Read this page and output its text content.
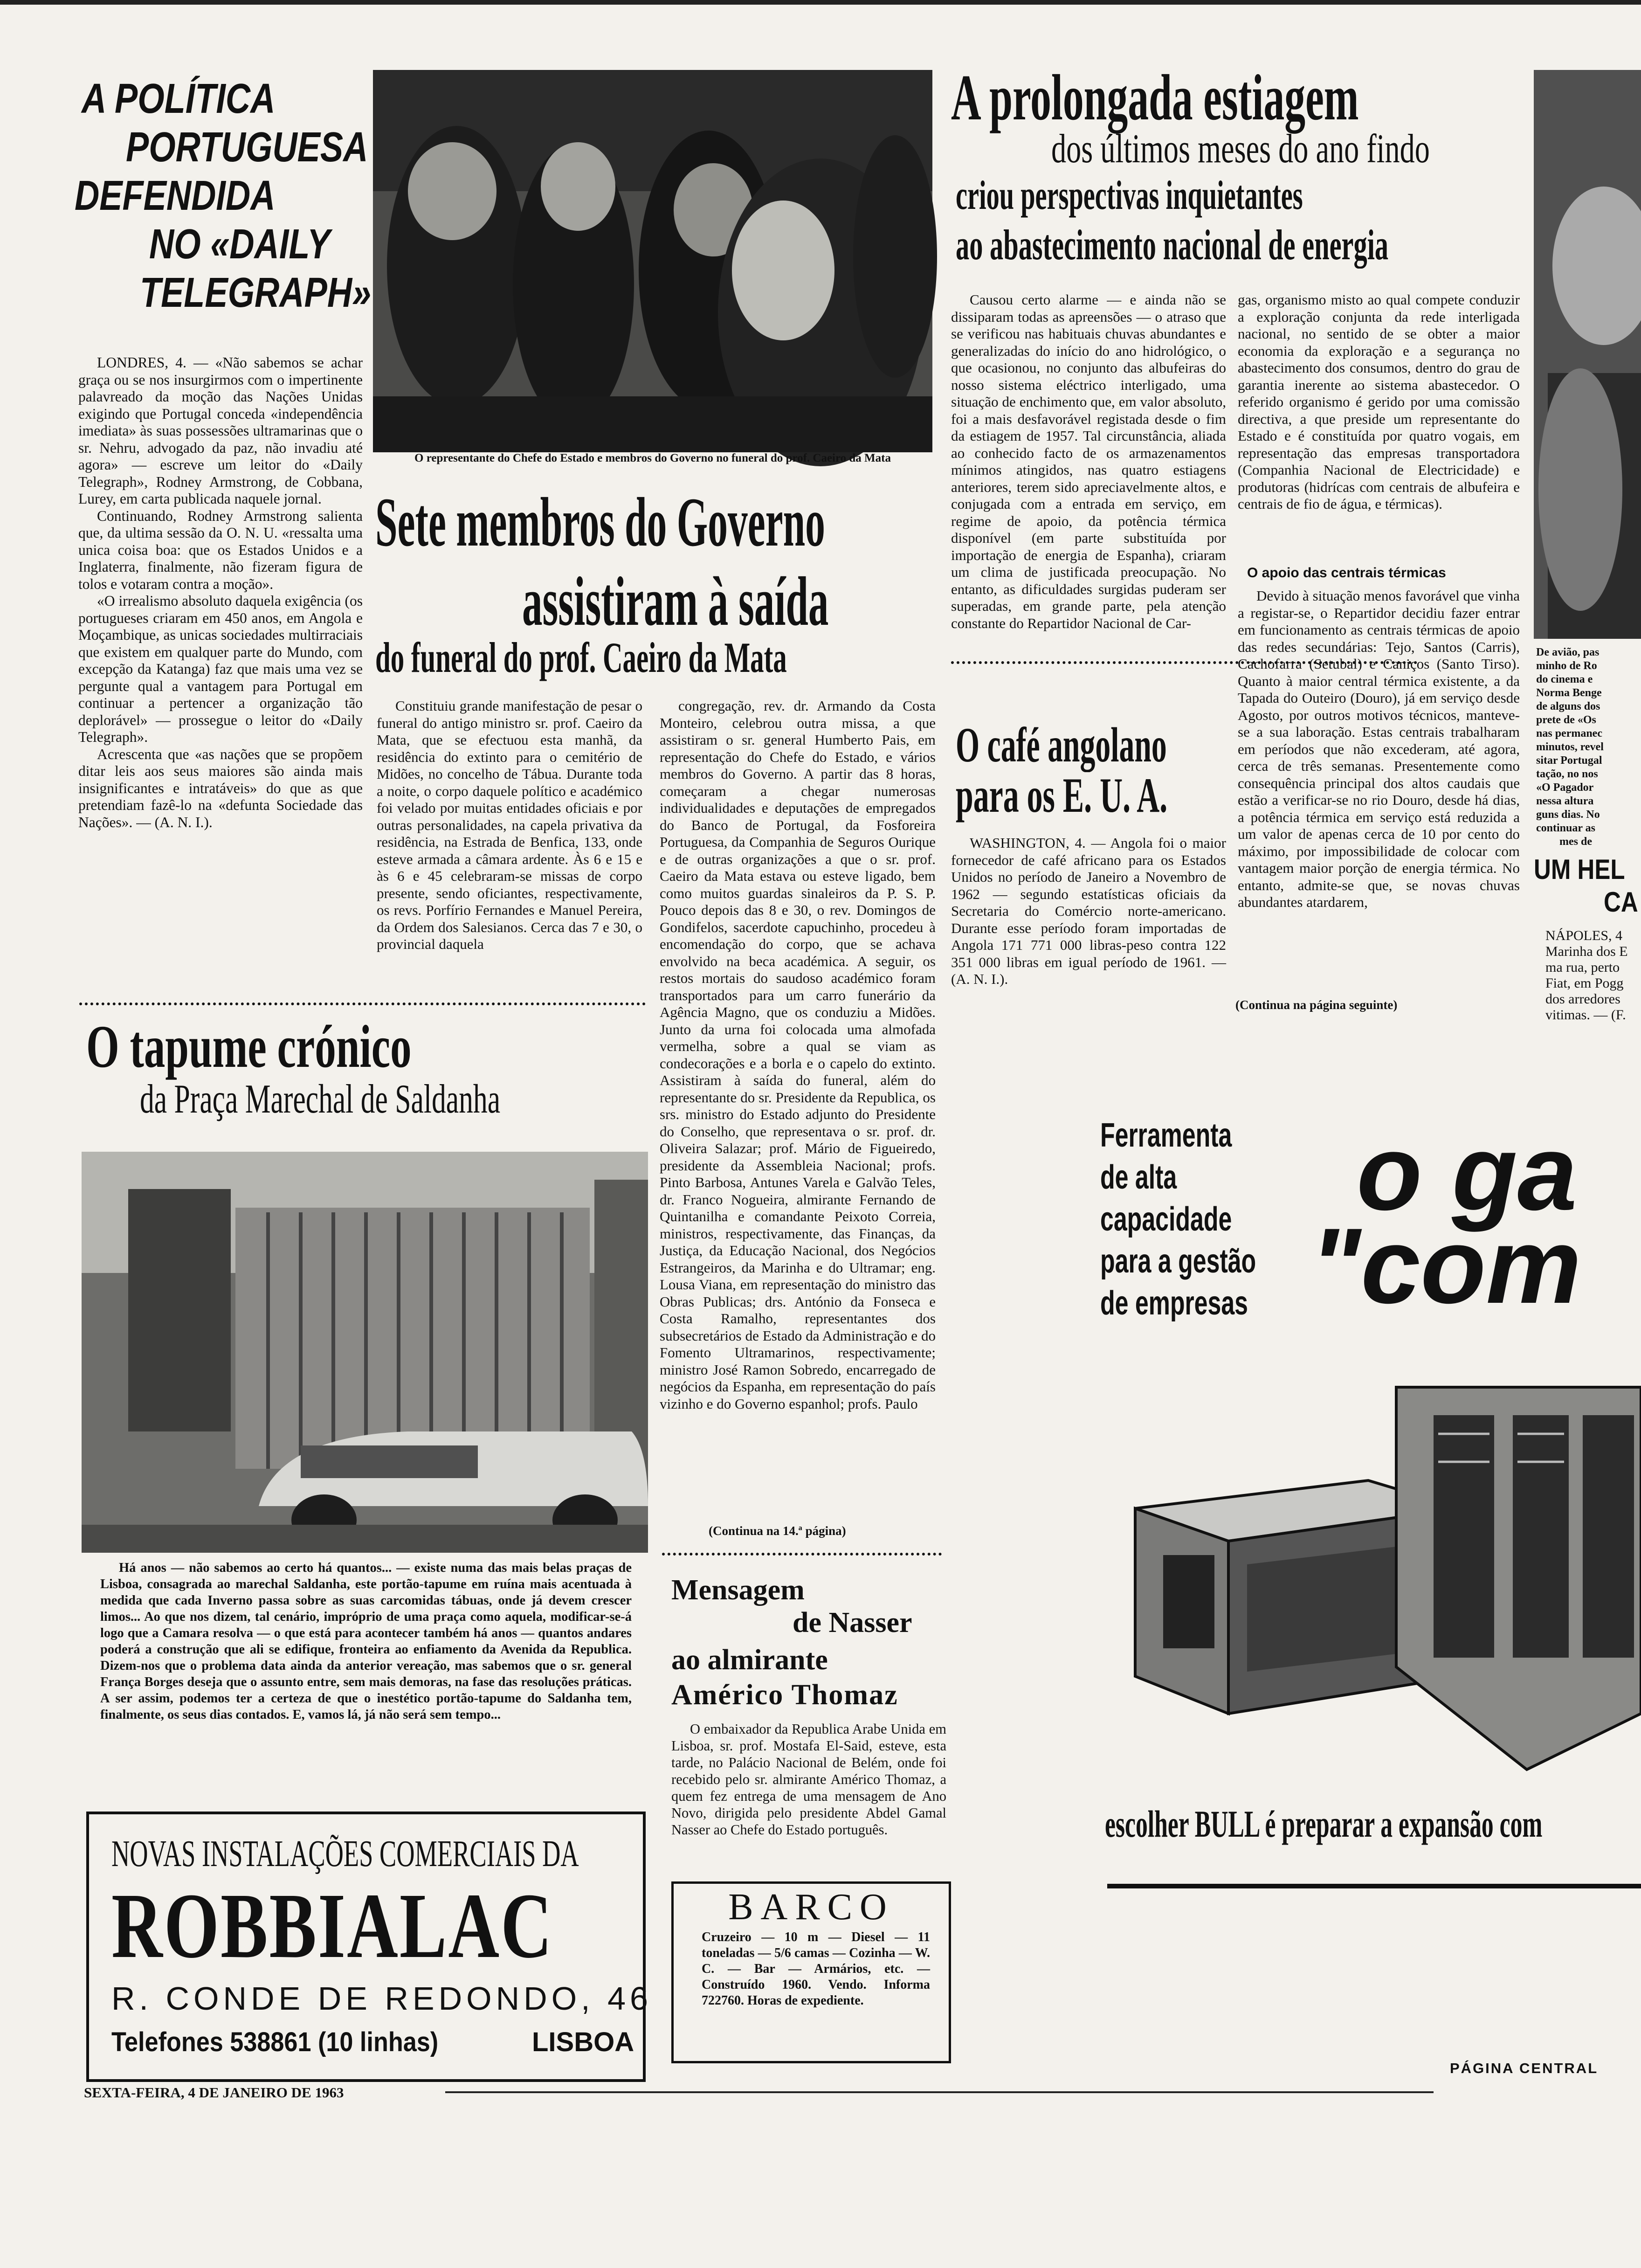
A POLÍTICA
PORTUGUESA
DEFENDIDA
NO «DAILY
TELEGRAPH»

LONDRES, 4. — «Não sabemos se achar graça ou se nos insurgirmos com o impertinente palavreado da moção das Nações Unidas exigindo que Portugal conceda «independência imediata» às suas possessões ultramarinas que o sr. Nehru, advogado da paz, não invadiu até agora» — escreve um leitor do «Daily Telegraph», Rodney Armstrong, de Cobbana, Lurey, em carta publicada naquele jornal.

Continuando, Rodney Armstrong salienta que, da ultima sessão da O. N. U. «ressalta uma unica coisa boa: que os Estados Unidos e a Inglaterra, finalmente, não fizeram figura de tolos e votaram contra a moção».

«O irrealismo absoluto daquela exigência (os portugueses criaram em 450 anos, em Angola e Moçambique, as unicas sociedades multirraciais que existem em qualquer parte do Mundo, com excepção da Katanga) faz que mais uma vez se pergunte qual a vantagem para Portugal em continuar a pertencer a organização tão deplorável» — prossegue o leitor do «Daily Telegraph».

Acrescenta que «as nações que se propõem ditar leis aos seus maiores são ainda mais insignificantes e intratáveis» do que as que pretendiam fazê-lo na «defunta Sociedade das Nações». — (A. N. I.).

O representante do Chefe do Estado e membros do Governo no funeral do prof. Caeiro da Mata
Sete membros do Governo
assistiram à saída
do funeral do prof. Caeiro da Mata
Constituiu grande manifestação de pesar o funeral do antigo ministro sr. prof. Caeiro da Mata, que se efectuou esta manhã, da residência do extinto para o cemitério de Midões, no concelho de Tábua. Durante toda a noite, o corpo daquele político e académico foi velado por muitas entidades oficiais e por outras personalidades, na capela privativa da residência, na Estrada de Benfica, 133, onde esteve armada a câmara ardente. Às 6 e 15 e às 6 e 45 celebraram-se missas de corpo presente, sendo oficiantes, respectivamente, os revs. Porfírio Fernandes e Manuel Pereira, da Ordem dos Salesianos. Cerca das 7 e 30, o provincial daquela
congregação, rev. dr. Armando da Costa Monteiro, celebrou outra missa, a que assistiram o sr. general Humberto Pais, em representação do Chefe do Estado, e vários membros do Governo. A partir das 8 horas, começaram a chegar numerosas individualidades e deputações de empregados do Banco de Portugal, da Fosforeira Portuguesa, da Companhia de Seguros Ourique e de outras organizações a que o sr. prof. Caeiro da Mata estava ou esteve ligado, bem como muitos guardas sinaleiros da P. S. P. Pouco depois das 8 e 30, o rev. Domingos de Gondifelos, sacerdote capuchinho, procedeu à encomendação do corpo, que se achava envolvido na beca académica. A seguir, os restos mortais do saudoso académico foram transportados para um carro funerário da Agência Magno, que os conduziu a Midões. Junto da urna foi colocada uma almofada vermelha, sobre a qual se viam as condecorações e a borla e o capelo do extinto. Assistiram à saída do funeral, além do representante do sr. Presidente da Republica, os srs. ministro do Estado adjunto do Presidente do Conselho, que representava o sr. prof. dr. Oliveira Salazar; prof. Mário de Figueiredo, presidente da Assembleia Nacional; profs. Pinto Barbosa, Antunes Varela e Galvão Teles, dr. Franco Nogueira, almirante Fernando de Quintanilha e comandante Peixoto Correia, ministros, respectivamente, das Finanças, da Justiça, da Educação Nacional, dos Negócios Estrangeiros, da Marinha e do Ultramar; eng. Lousa Viana, em representação do ministro das Obras Publicas; drs. António da Fonseca e Costa Ramalho, representantes dos subsecretários de Estado da Administração e do Fomento Ultramarinos, respectivamente; ministro José Ramon Sobredo, encarregado de negócios da Espanha, em representação do país vizinho e do Governo espanhol; profs. Paulo
(Continua na 14.ª página)
A prolongada estiagem
dos últimos meses do ano findo
criou perspectivas inquietantes
ao abastecimento nacional de energia
Causou certo alarme — e ainda não se dissiparam todas as apreensões — o atraso que se verificou nas habituais chuvas abundantes e generalizadas do início do ano hidrológico, o que ocasionou, no conjunto das albufeiras do nosso sistema eléctrico interligado, uma situação de enchimento que, em valor absoluto, foi a mais desfavorável registada desde o fim da estiagem de 1957. Tal circunstância, aliada ao conhecido facto de os armazenamentos mínimos atingidos, nas quatro estiagens anteriores, terem sido apreciavelmente altos, e conjugada com a entrada em serviço, em regime de apoio, da potência térmica disponível (em parte substituída por importação de energia de Espanha), criaram um clima de justificada preocupação. No entanto, as dificuldades surgidas puderam ser superadas, em grande parte, pela atenção constante do Repartidor Nacional de Car-
gas, organismo misto ao qual compete conduzir a exploração conjunta da rede interligada nacional, no sentido de se obter a maior economia da exploração e a segurança no abastecimento dos consumos, dentro do grau de garantia inerente ao sistema abastecedor. O referido organismo é gerido por uma comissão directiva, a que preside um representante do Estado e é constituída por quatro vogais, em representação das empresas transportadora (Companhia Nacional de Electricidade) e produtoras (hidrícas com centrais de albufeira e centrais de fio de água, e térmicas).
O apoio das centrais térmicas
Devido à situação menos favorável que vinha a registar-se, o Repartidor decidiu fazer entrar em funcionamento as centrais térmicas de apoio das redes secundárias: Tejo, Santos (Carris), Cachofarra (Setubal) e Caniços (Santo Tirso). Quanto à maior central térmica existente, a da Tapada do Outeiro (Douro), já em serviço desde Agosto, por outros motivos técnicos, manteve-se a sua laboração. Estas centrais trabalharam em períodos que não excederam, até agora, cerca de três semanas. Presentemente como consequência principal dos altos caudais que estão a verificar-se no rio Douro, desde há dias, a potência térmica em serviço está reduzida a um valor de apenas cerca de 10 por cento do máximo, por impossibilidade de colocar com vantagem maior porção de energia térmica. No entanto, admite-se que, se novas chuvas abundantes atardarem,
(Continua na página seguinte)
O café angolano
para os E. U. A.
WASHINGTON, 4. — Angola foi o maior fornecedor de café africano para os Estados Unidos no período de Janeiro a Novembro de 1962 — segundo estatísticas oficiais da Secretaria do Comércio norte-americano. Durante esse período foram importadas de Angola 171 771 000 libras-peso contra 122 351 000 libras em igual período de 1961. — (A. N. I.).
De avião, pas
minho de Ro
do cinema e
Norma Benge
de alguns dos
prete de «Os
nas permanec
minutos, revel
sitar Portugal
tação, no nos
«O Pagador
nessa altura
guns dias. No
continuar as
mes de
UM HEL
CA
NÁPOLES, 4
Marinha dos E
ma rua, perto
Fiat, em Pogg
dos arredores
vitimas. — (F.
O tapume crónico
da Praça Marechal de Saldanha
Há anos — não sabemos ao certo há quantos... — existe numa das mais belas praças de Lisboa, consagrada ao marechal Saldanha, este portão-tapume em ruína mais acentuada à medida que cada Inverno passa sobre as suas carcomidas tábuas, onde já devem crescer limos... Ao que nos dizem, tal cenário, impróprio de uma praça como aquela, modificar-se-á logo que a Camara resolva — o que está para acontecer também há anos — quantos andares poderá a construção que ali se edifique, fronteira ao enfiamento da Avenida da Republica. Dizem-nos que o problema data ainda da anterior vereação, mas sabemos que o sr. general França Borges deseja que o assunto entre, sem mais demoras, na fase das resoluções práticas. A ser assim, podemos ter a certeza de que o inestético portão-tapume do Saldanha tem, finalmente, os seus dias contados. E, vamos lá, já não será sem tempo...
NOVAS INSTALAÇÕES COMERCIAIS DA
ROBBIALAC
R. CONDE DE REDONDO, 46
Telefones 538861 (10 linhas)	LISBOA
Mensagem
de Nasser
ao almirante
Américo Thomaz
O embaixador da Republica Arabe Unida em Lisboa, sr. prof. Mostafa El-Said, esteve, esta tarde, no Palácio Nacional de Belém, onde foi recebido pelo sr. almirante Américo Thomaz, a quem fez entrega de uma mensagem de Ano Novo, dirigida pelo presidente Abdel Gamal Nasser ao Chefe do Estado português.
BARCO
Cruzeiro — 10 m — Diesel — 11 toneladas — 5/6 camas — Cozinha — W. C. — Bar — Armários, etc. — Construído 1960. Vendo. Informa 722760. Horas de expediente.
Ferramenta
de alta
capacidade
para a gestão
de empresas
o ga
"com
escolher BULL é preparar a expansão com
SEXTA-FEIRA, 4 DE JANEIRO DE 1963
PÁGINA CENTRAL
